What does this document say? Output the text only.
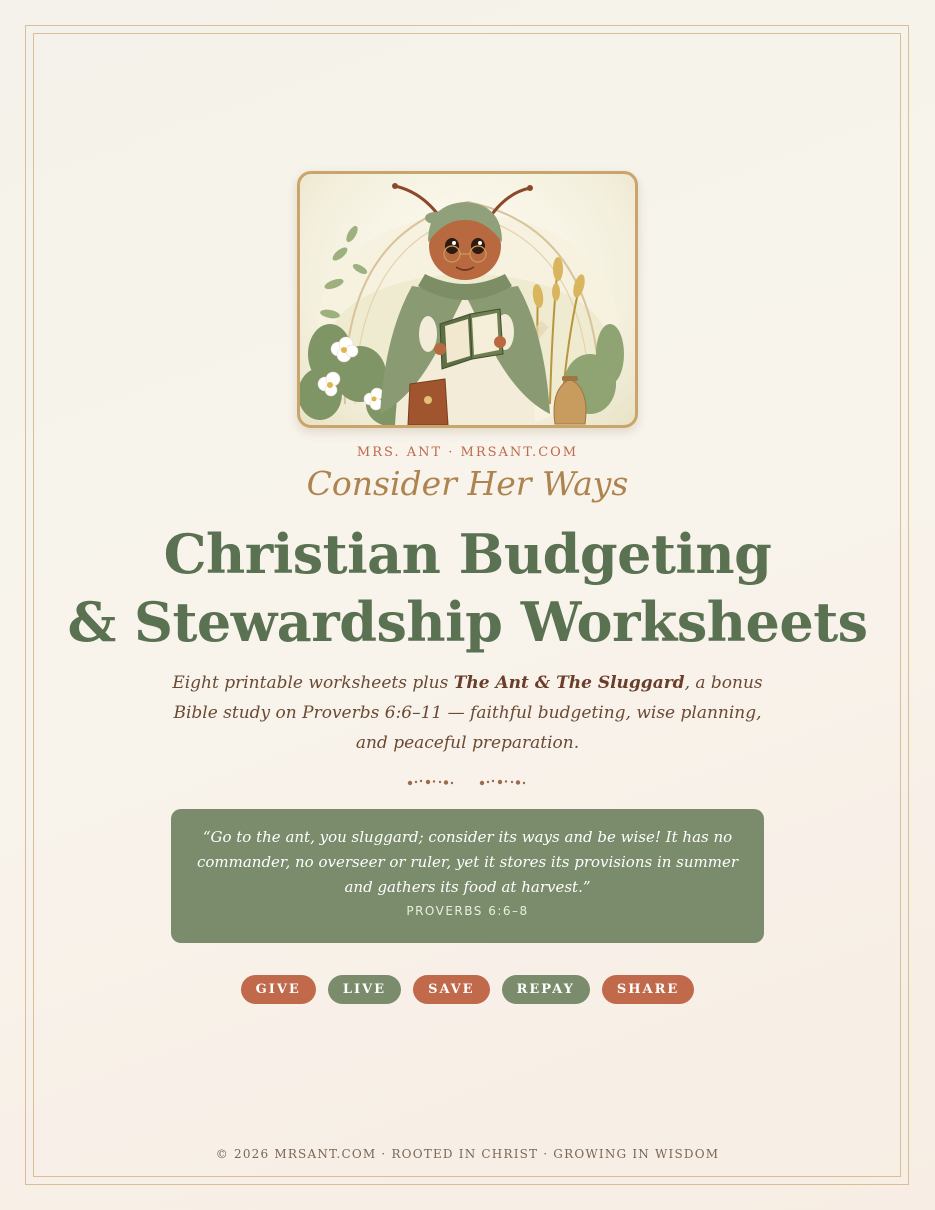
MRS. ANT · MRSANT.COM
Consider Her Ways
Christian Budgeting
& Stewardship Worksheets
Eight printable worksheets plus The Ant & The Sluggard, a bonus Bible study on Proverbs 6:6–11 — faithful budgeting, wise planning, and peaceful preparation.
“Go to the ant, you sluggard; consider its ways and be wise! It has no commander, no overseer or ruler, yet it stores its provisions in summer and gathers its food at harvest.”
PROVERBS 6:6–8
GIVE	LIVE	SAVE	REPAY	SHARE
© 2026 MRSANT.COM · ROOTED IN CHRIST · GROWING IN WISDOM
